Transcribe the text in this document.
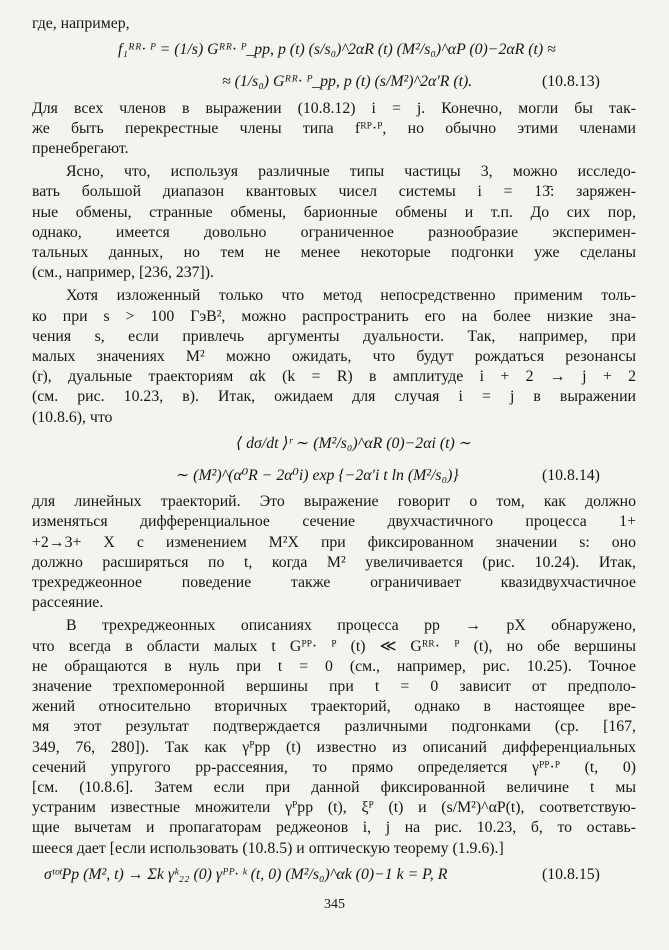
где, например,
f₁ᴿᴿ· ᴾ = (1/s) Gᴿᴿ· ᴾ_pp, p (t) (s/s₀)^2αR (t) (M²/s₀)^αP (0)−2αR (t) ≈
≈ (1/s₀) Gᴿᴿ· ᴾ_pp, p (t) (s/M²)^2α′R (t).	(10.8.13)
Для всех членов в выражении (10.8.12) i = j. Конечно, могли бы так-
же быть перекрестные члены типа fᴿᴾ·ᴾ, но обычно этими членами
пренебрегают.
Ясно, что, используя различные типы частицы 3, можно исследо-
вать большой диапазон квантовых чисел системы i = 13̄: заряжен-
ные обмены, странные обмены, барионные обмены и т.п. До сих пор,
однако, имеется довольно ограниченное разнообразие эксперимен-
тальных данных, но тем не менее некоторые подгонки уже сделаны
(см., например, [236, 237]).
Хотя изложенный только что метод непосредственно применим толь-
ко при s > 100 ГэВ², можно распространить его на более низкие зна-
чения s, если привлечь аргументы дуальности. Так, например, при
малых значениях M² можно ожидать, что будут рождаться резонансы
(r), дуальные траекториям αk (k = R) в амплитуде i + 2 → j + 2
(см. рис. 10.23, в). Итак, ожидаем для случая i = j в выражении
(10.8.6), что
⟨ dσ/dt ⟩ʳ ∼ (M²/s₀)^αR (0)−2αi (t) ∼
∼ (M²)^(α⁰R − 2α⁰i) exp {−2α′i t ln (M²/s₀)}	(10.8.14)
для линейных траекторий. Это выражение говорит о том, как должно
изменяться дифференциальное сечение двухчастичного процесса 1+
+2→3+ X с изменением M²X при фиксированном значении s: оно
должно расширяться по t, когда M² увеличивается (рис. 10.24). Итак,
трехреджеонное поведение также ограничивает квазидвухчастичное
рассеяние.
В трехреджеонных описаниях процесса pp → pX обнаружено,
что всегда в области малых t Gᴾᴾ· ᴾ (t) ≪ Gᴿᴿ· ᴾ (t), но обе вершины
не обращаются в нуль при t = 0 (см., например, рис. 10.25). Точное
значение трехпомеронной вершины при t = 0 зависит от предполо-
жений относительно вторичных траекторий, однако в настоящее вре-
мя этот результат подтверждается различными подгонками (ср. [167,
349, 76, 280]). Так как γᴾpp (t) известно из описаний дифференциальных
сечений упругого pp-рассеяния, то прямо определяется γᴾᴾ·ᴾ (t, 0)
[см. (10.8.6]. Затем если при данной фиксированной величине t мы
устраним известные множители γᴾpp (t), ξᴾ (t) и (s/M²)^αP(t), соответствую-
щие вычетам и пропагаторам реджеонов i, j на рис. 10.23, б, то оставь-
шееся дает [если использовать (10.8.5) и оптическую теорему (1.9.6).]
σᵗᵒᵗPp (M², t) → Σk γᵏ₂₂ (0) γᴾᴾ· ᵏ (t, 0) (M²/s₀)^αk (0)−1 k = P, R	(10.8.15)
345
